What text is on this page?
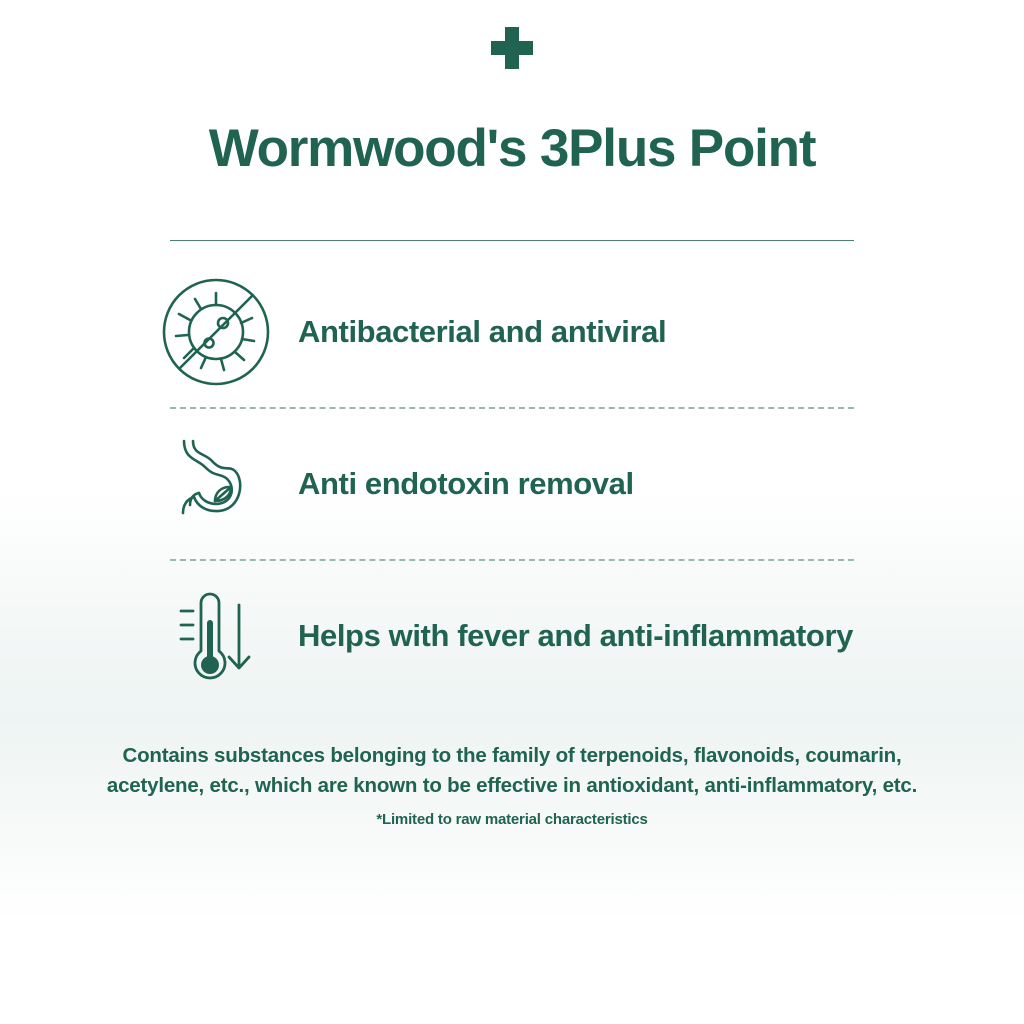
Wormwood's 3Plus Point
Antibacterial and antiviral
Anti endotoxin removal
Helps with fever and anti-inflammatory
Contains substances belonging to the family of terpenoids, flavonoids, coumarin, acetylene, etc., which are known to be effective in antioxidant, anti-inflammatory, etc.
*Limited to raw material characteristics
